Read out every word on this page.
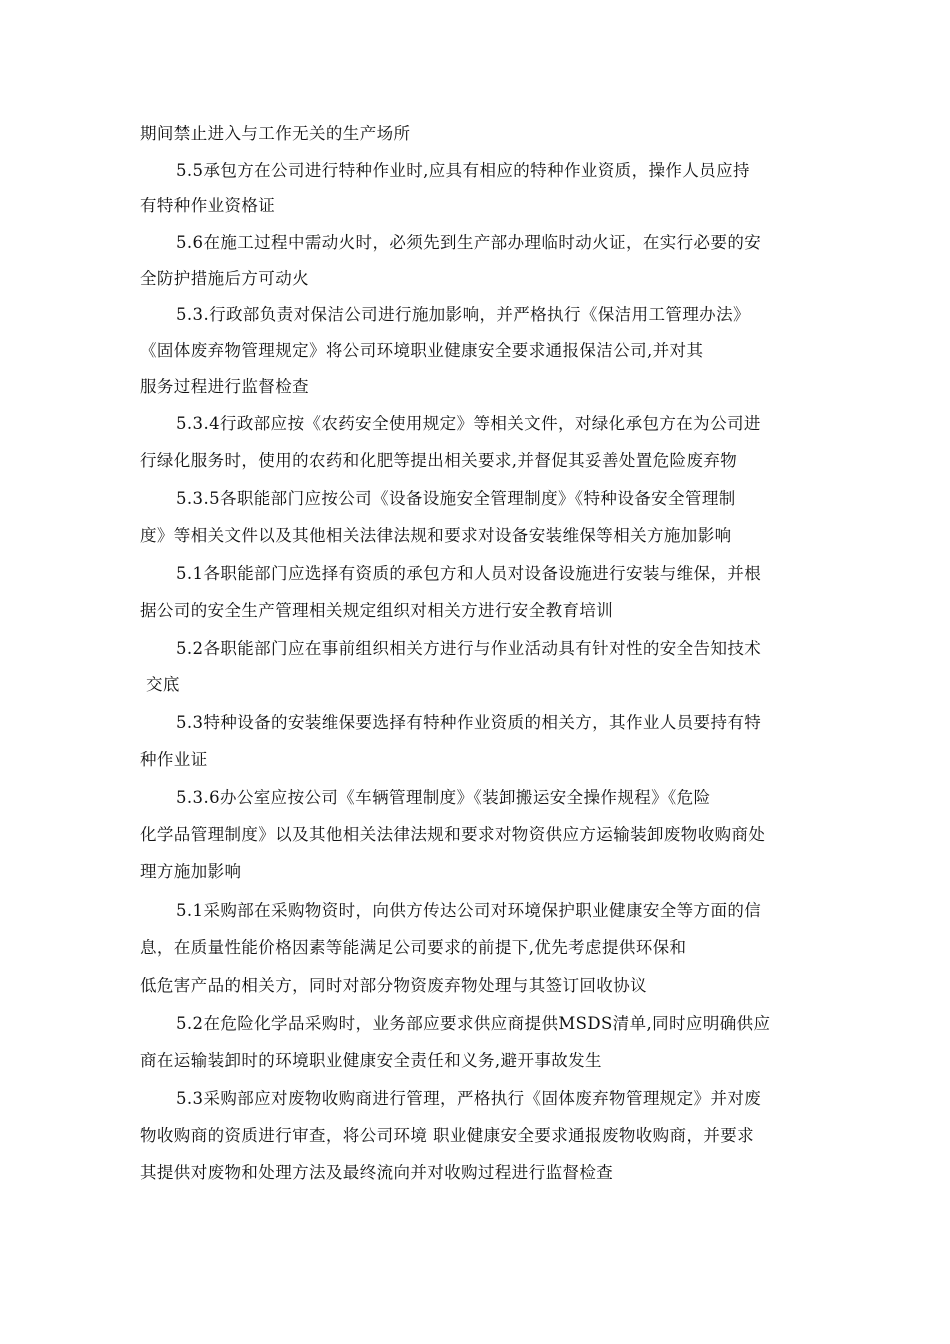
期间禁止进入与工作无关的生产场所
5.5承包方在公司进行特种作业时,应具有相应的特种作业资质，操作人员应持
有特种作业资格证
5.6在施工过程中需动火时，必须先到生产部办理临时动火证，在实行必要的安
全防护措施后方可动火
5.3.行政部负责对保洁公司进行施加影响，并严格执行《保洁用工管理办法》
《固体废弃物管理规定》将公司环境职业健康安全要求通报保洁公司,并对其
服务过程进行监督检查
5.3.4行政部应按《农药安全使用规定》等相关文件，对绿化承包方在为公司进
行绿化服务时，使用的农药和化肥等提出相关要求,并督促其妥善处置危险废弃物
5.3.5各职能部门应按公司《设备设施安全管理制度》《特种设备安全管理制
度》等相关文件以及其他相关法律法规和要求对设备安装维保等相关方施加影响
5.1各职能部门应选择有资质的承包方和人员对设备设施进行安装与维保，并根
据公司的安全生产管理相关规定组织对相关方进行安全教育培训
5.2各职能部门应在事前组织相关方进行与作业活动具有针对性的安全告知技术
交底
5.3特种设备的安装维保要选择有特种作业资质的相关方，其作业人员要持有特
种作业证
5.3.6办公室应按公司《车辆管理制度》《装卸搬运安全操作规程》《危险
化学品管理制度》以及其他相关法律法规和要求对物资供应方运输装卸废物收购商处
理方施加影响
5.1采购部在采购物资时，向供方传达公司对环境保护职业健康安全等方面的信
息，在质量性能价格因素等能满足公司要求的前提下,优先考虑提供环保和
低危害产品的相关方，同时对部分物资废弃物处理与其签订回收协议
5.2在危险化学品采购时，业务部应要求供应商提供MSDS清单,同时应明确供应
商在运输装卸时的环境职业健康安全责任和义务,避开事故发生
5.3采购部应对废物收购商进行管理，严格执行《固体废弃物管理规定》并对废
物收购商的资质进行审查，将公司环境 职业健康安全要求通报废物收购商，并要求
其提供对废物和处理方法及最终流向并对收购过程进行监督检查
